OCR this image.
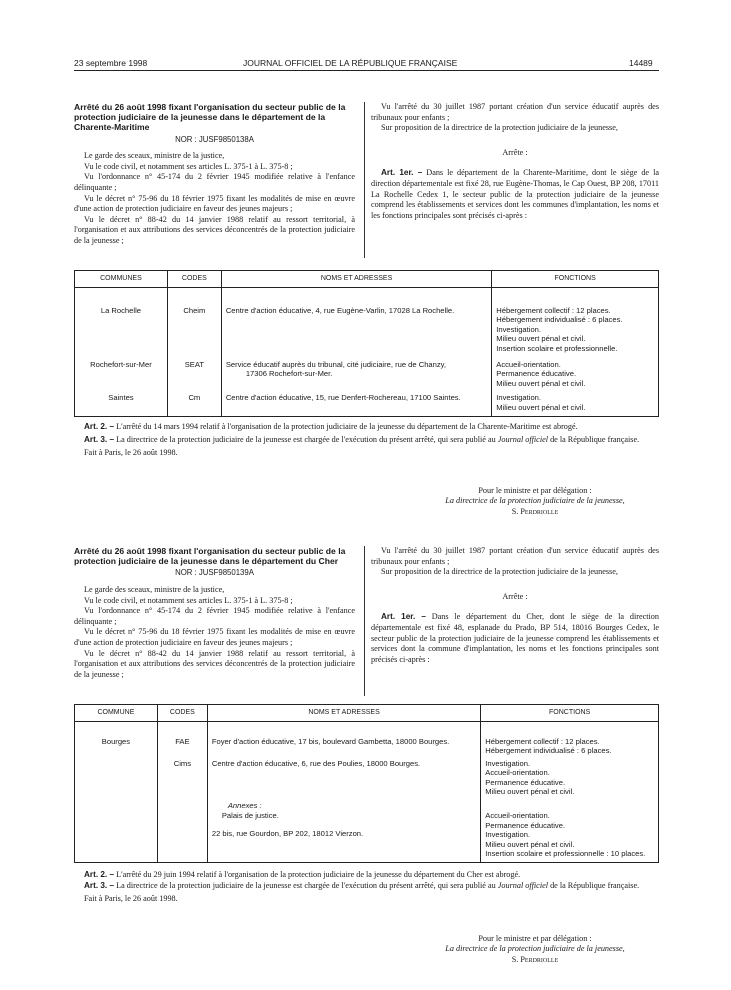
23 septembre 1998	JOURNAL OFFICIEL DE LA RÉPUBLIQUE FRANÇAISE	14489
Arrêté du 26 août 1998 fixant l'organisation du secteur public de la protection judiciaire de la jeunesse dans le département de la Charente-Maritime
NOR : JUSF9850138A

Le garde des sceaux, ministre de la justice,

Vu le code civil, et notamment ses articles L. 375-1 à L. 375-8 ;

Vu l'ordonnance n° 45-174 du 2 février 1945 modifiée relative à l'enfance délinquante ;

Vu le décret n° 75-96 du 18 février 1975 fixant les modalités de mise en œuvre d'une action de protection judiciaire en faveur des jeunes majeurs ;

Vu le décret n° 88-42 du 14 janvier 1988 relatif au ressort territorial, à l'organisation et aux attributions des services déconcentrés de la protection judiciaire de la jeunesse ;

Vu l'arrêté du 30 juillet 1987 portant création d'un service éducatif auprès des tribunaux pour enfants ;

Sur proposition de la directrice de la protection judiciaire de la jeunesse,

Arrête :

Art. 1er. – Dans le département de la Charente-Maritime, dont le siège de la direction départementale est fixé 28, rue Eugène-Thomas, le Cap Ouest, BP 208, 17011 La Rochelle Cedex 1, le secteur public de la protection judiciaire de la jeunesse comprend les établissements et services dont les communes d'implantation, les noms et les fonctions principales sont précisés ci-après :

COMMUNES	CODES	NOMS ET ADRESSES	FONCTIONS
La Rochelle	Cheim	Centre d'action éducative, 4, rue Eugène-Varlin, 17028 La Rochelle.	Hébergement collectif : 12 places.
Hébergement individualisé : 6 places.
Investigation.
Milieu ouvert pénal et civil.
Insertion scolaire et professionnelle.

Rochefort-sur-Mer	SEAT	Service éducatif auprès du tribunal, cité judiciaire, rue de Chanzy,
17306 Rochefort-sur-Mer.	Accueil-orientation.
Permanence éducative.
Milieu ouvert pénal et civil.

Saintes	Cm	Centre d'action éducative, 15, rue Denfert-Rochereau, 17100 Saintes.	Investigation.
Milieu ouvert pénal et civil.

Art. 2. – L'arrêté du 14 mars 1994 relatif à l'organisation de la protection judiciaire de la jeunesse du département de la Charente-Maritime est abrogé.

Art. 3. – La directrice de la protection judiciaire de la jeunesse est chargée de l'exécution du présent arrêté, qui sera publié au Journal officiel de la République française.

Fait à Paris, le 26 août 1998.

Pour le ministre et par délégation :
La directrice de la protection judiciaire de la jeunesse,
S. Perdriolle
Arrêté du 26 août 1998 fixant l'organisation du secteur public de la protection judiciaire de la jeunesse dans le département du Cher
NOR : JUSF9850139A

Le garde des sceaux, ministre de la justice,

Vu le code civil, et notamment ses articles L. 375-1 à L. 375-8 ;

Vu l'ordonnance n° 45-174 du 2 février 1945 modifiée relative à l'enfance délinquante ;

Vu le décret n° 75-96 du 18 février 1975 fixant les modalités de mise en œuvre d'une action de protection judiciaire en faveur des jeunes majeurs ;

Vu le décret n° 88-42 du 14 janvier 1988 relatif au ressort territorial, à l'organisation et aux attributions des services déconcentrés de la protection judiciaire de la jeunesse ;

Vu l'arrêté du 30 juillet 1987 portant création d'un service éducatif auprès des tribunaux pour enfants ;

Sur proposition de la directrice de la protection judiciaire de la jeunesse,

Arrête :

Art. 1er. – Dans le département du Cher, dont le siège de la direction départementale est fixé 48, esplanade du Prado, BP 514, 18016 Bourges Cedex, le secteur public de la protection judiciaire de la jeunesse comprend les établissements et services dont la commune d'implantation, les noms et les fonctions principales sont précisés ci-après :

COMMUNE	CODES	NOMS ET ADRESSES	FONCTIONS
Bourges	FAE	Foyer d'action éducative, 17 bis, boulevard Gambetta, 18000 Bourges.	Hébergement collectif : 12 places.
Hébergement individualisé : 6 places.

	Cims	Centre d'action éducative, 6, rue des Poulies, 18000 Bourges.	Investigation.
Accueil-orientation.
Permanence éducative.
Milieu ouvert pénal et civil.

		Annexes :
Palais de justice.
22 bis, rue Gourdon, BP 202, 18012 Vierzon.	Accueil-orientation.
Permanence éducative.
Investigation.
Milieu ouvert pénal et civil.
Insertion scolaire et professionnelle : 10 places.

Art. 2. – L'arrêté du 29 juin 1994 relatif à l'organisation de la protection judiciaire de la jeunesse du département du Cher est abrogé.

Art. 3. – La directrice de la protection judiciaire de la jeunesse est chargée de l'exécution du présent arrêté, qui sera publié au Journal officiel de la République française.

Fait à Paris, le 26 août 1998.

Pour le ministre et par délégation :
La directrice de la protection judiciaire de la jeunesse,
S. Perdriolle
